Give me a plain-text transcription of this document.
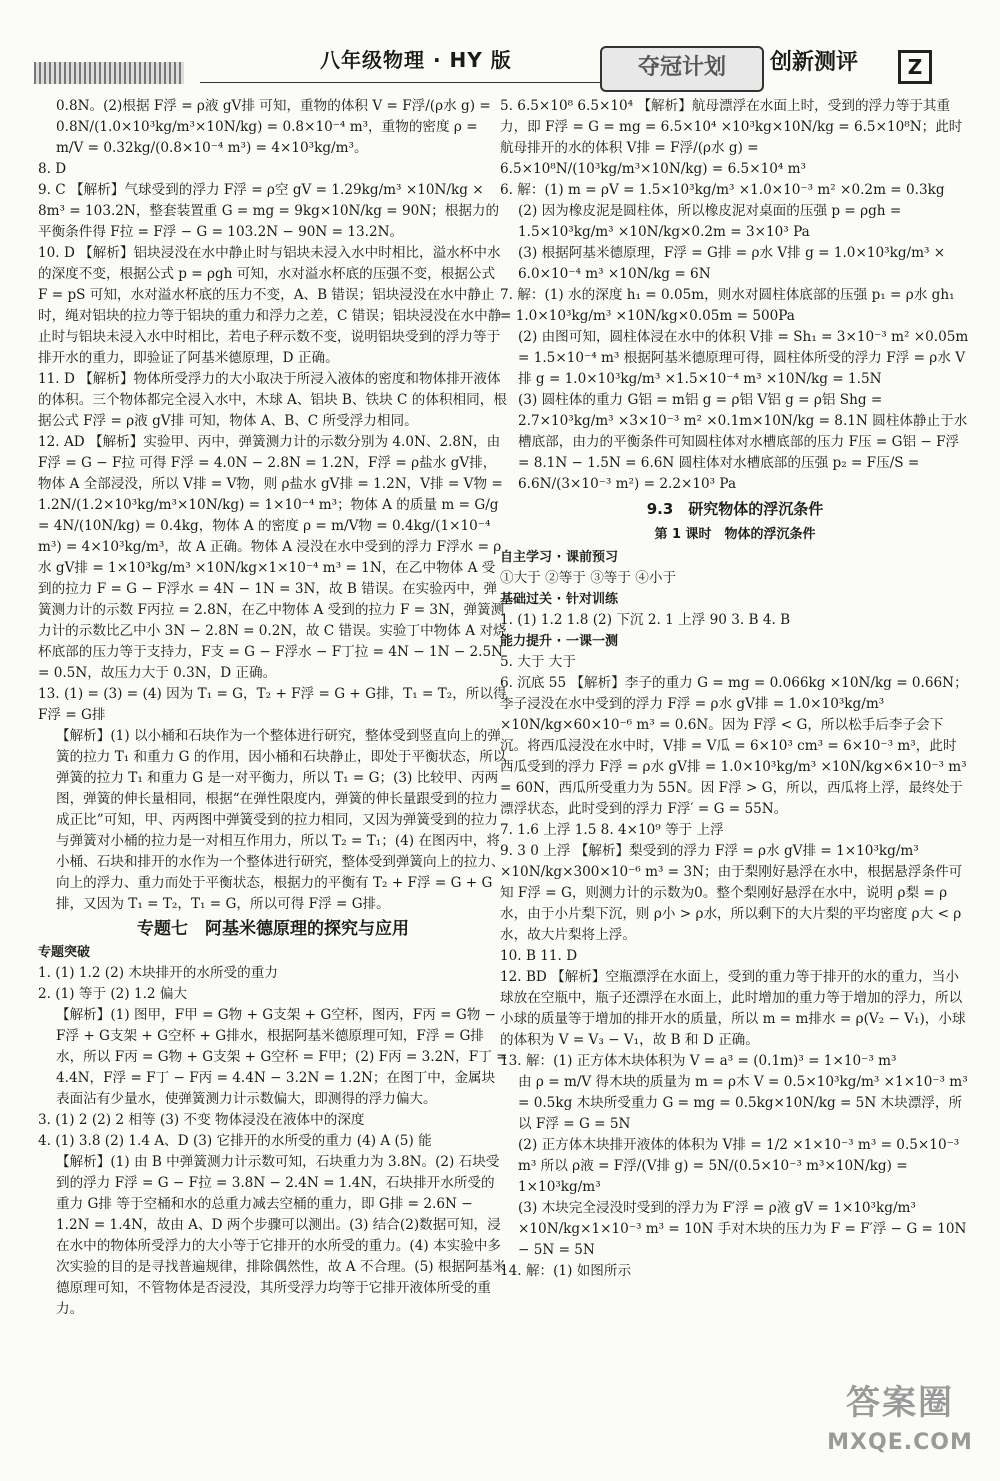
八年级物理 · HY 版	夺冠计划	创新测评	Z
0.8N。(2)根据 F浮 = ρ液 gV排 可知，重物的体积 V = F浮/(ρ水 g) = 0.8N/(1.0×10³kg/m³×10N/kg) = 0.8×10⁻⁴ m³，重物的密度 ρ = m/V = 0.32kg/(0.8×10⁻⁴ m³) = 4×10³kg/m³。
8. D
9. C 【解析】气球受到的浮力 F浮 = ρ空 gV = 1.29kg/m³ ×10N/kg × 8m³ = 103.2N，整套装置重 G = mg = 9kg×10N/kg = 90N；根据力的平衡条件得 F拉 = F浮 − G = 103.2N − 90N = 13.2N。
10. D 【解析】铝块浸没在水中静止时与铝块未浸入水中时相比，溢水杯中水的深度不变，根据公式 p = ρgh 可知，水对溢水杯底的压强不变，根据公式 F = pS 可知，水对溢水杯底的压力不变，A、B 错误；铝块浸没在水中静止时，绳对铝块的拉力等于铝块的重力和浮力之差，C 错误；铝块浸没在水中静止时与铝块未浸入水中时相比，若电子秤示数不变，说明铝块受到的浮力等于排开水的重力，即验证了阿基米德原理，D 正确。
11. D 【解析】物体所受浮力的大小取决于所浸入液体的密度和物体排开液体的体积。三个物体都完全浸入水中，木球 A、铝块 B、铁块 C 的体积相同，根据公式 F浮 = ρ液 gV排 可知，物体 A、B、C 所受浮力相同。
12. AD 【解析】实验甲、丙中，弹簧测力计的示数分别为 4.0N、2.8N，由 F浮 = G − F拉 可得 F浮 = 4.0N − 2.8N = 1.2N，F浮 = ρ盐水 gV排，物体 A 全部浸没，所以 V排 = V物，则 ρ盐水 gV排 = 1.2N，V排 = V物 = 1.2N/(1.2×10³kg/m³×10N/kg) = 1×10⁻⁴ m³；物体 A 的质量 m = G/g = 4N/(10N/kg) = 0.4kg，物体 A 的密度 ρ = m/V物 = 0.4kg/(1×10⁻⁴ m³) = 4×10³kg/m³，故 A 正确。物体 A 浸没在水中受到的浮力 F浮水 = ρ水 gV排 = 1×10³kg/m³ ×10N/kg×1×10⁻⁴ m³ = 1N，在乙中物体 A 受到的拉力 F = G − F浮水 = 4N − 1N = 3N，故 B 错误。在实验丙中，弹簧测力计的示数 F丙拉 = 2.8N，在乙中物体 A 受到的拉力 F = 3N，弹簧测力计的示数比乙中小 3N − 2.8N = 0.2N，故 C 错误。实验丁中物体 A 对烧杯底部的压力等于支持力，F支 = G − F浮水 − F丁拉 = 4N − 1N − 2.5N = 0.5N，故压力大于 0.3N，D 正确。
13. (1) = (3) = (4) 因为 T₁ = G，T₂ + F浮 = G + G排，T₁ = T₂，所以得 F浮 = G排
【解析】(1) 以小桶和石块作为一个整体进行研究，整体受到竖直向上的弹簧的拉力 T₁ 和重力 G 的作用，因小桶和石块静止，即处于平衡状态，所以弹簧的拉力 T₁ 和重力 G 是一对平衡力，所以 T₁ = G；(3) 比较甲、丙两图，弹簧的伸长量相同，根据“在弹性限度内，弹簧的伸长量跟受到的拉力成正比”可知，甲、丙两图中弹簧受到的拉力相同，又因为弹簧受到的拉力与弹簧对小桶的拉力是一对相互作用力，所以 T₂ = T₁；(4) 在图丙中，将小桶、石块和排开的水作为一个整体进行研究，整体受到弹簧向上的拉力、向上的浮力、重力而处于平衡状态，根据力的平衡有 T₂ + F浮 = G + G排，又因为 T₁ = T₂，T₁ = G，所以可得 F浮 = G排。
专题七　阿基米德原理的探究与应用
专题突破
1. (1) 1.2 (2) 木块排开的水所受的重力
2. (1) 等于 (2) 1.2 偏大
【解析】(1) 图甲，F甲 = G物 + G支架 + G空杯，图丙，F丙 = G物 − F浮 + G支架 + G空杯 + G排水，根据阿基米德原理可知，F浮 = G排水，所以 F丙 = G物 + G支架 + G空杯 = F甲；(2) F丙 = 3.2N，F丁 = 4.4N，F浮 = F丁 − F丙 = 4.4N − 3.2N = 1.2N；在图丁中，金属块表面沾有少量水，使弹簧测力计示数偏大，即测得的浮力偏大。
3. (1) 2 (2) 2 相等 (3) 不变 物体浸没在液体中的深度
4. (1) 3.8 (2) 1.4 A、D (3) 它排开的水所受的重力 (4) A (5) 能
【解析】(1) 由 B 中弹簧测力计示数可知，石块重力为 3.8N。(2) 石块受到的浮力 F浮 = G − F拉 = 3.8N − 2.4N = 1.4N，石块排开水所受的重力 G排 等于空桶和水的总重力减去空桶的重力，即 G排 = 2.6N − 1.2N = 1.4N，故由 A、D 两个步骤可以测出。(3) 结合(2)数据可知，浸在水中的物体所受浮力的大小等于它排开的水所受的重力。(4) 本实验中多次实验的目的是寻找普遍规律，排除偶然性，故 A 不合理。(5) 根据阿基米德原理可知，不管物体是否浸没，其所受浮力均等于它排开液体所受的重力。
5. 6.5×10⁸ 6.5×10⁴ 【解析】航母漂浮在水面上时，受到的浮力等于其重力，即 F浮 = G = mg = 6.5×10⁴ ×10³kg×10N/kg = 6.5×10⁸N；此时航母排开的水的体积 V排 = F浮/(ρ水 g) = 6.5×10⁸N/(10³kg/m³×10N/kg) = 6.5×10⁴ m³
6. 解：(1) m = ρV = 1.5×10³kg/m³ ×1.0×10⁻³ m² ×0.2m = 0.3kg
(2) 因为橡皮泥是圆柱体，所以橡皮泥对桌面的压强 p = ρgh = 1.5×10³kg/m³ ×10N/kg×0.2m = 3×10³ Pa
(3) 根据阿基米德原理，F浮 = G排 = ρ水 V排 g = 1.0×10³kg/m³ × 6.0×10⁻⁴ m³ ×10N/kg = 6N
7. 解：(1) 水的深度 h₁ = 0.05m，则水对圆柱体底部的压强 p₁ = ρ水 gh₁ = 1.0×10³kg/m³ ×10N/kg×0.05m = 500Pa
(2) 由图可知，圆柱体浸在水中的体积 V排 = Sh₁ = 3×10⁻³ m² ×0.05m = 1.5×10⁻⁴ m³ 根据阿基米德原理可得，圆柱体所受的浮力 F浮 = ρ水 V排 g = 1.0×10³kg/m³ ×1.5×10⁻⁴ m³ ×10N/kg = 1.5N
(3) 圆柱体的重力 G铝 = m铝 g = ρ铝 V铝 g = ρ铝 Shg = 2.7×10³kg/m³ ×3×10⁻³ m² ×0.1m×10N/kg = 8.1N 圆柱体静止于水槽底部，由力的平衡条件可知圆柱体对水槽底部的压力 F压 = G铝 − F浮 = 8.1N − 1.5N = 6.6N 圆柱体对水槽底部的压强 p₂ = F压/S = 6.6N/(3×10⁻³ m²) = 2.2×10³ Pa
9.3　研究物体的浮沉条件
第 1 课时　物体的浮沉条件
自主学习 · 课前预习
①大于 ②等于 ③等于 ④小于
基础过关 · 针对训练
1. (1) 1.2 1.8 (2) 下沉 2. 1 上浮 90 3. B 4. B
能力提升 · 一课一测
5. 大于 大于
6. 沉底 55 【解析】李子的重力 G = mg = 0.066kg ×10N/kg = 0.66N；李子浸没在水中受到的浮力 F浮 = ρ水 gV排 = 1.0×10³kg/m³ ×10N/kg×60×10⁻⁶ m³ = 0.6N。因为 F浮 < G，所以松手后李子会下沉。将西瓜浸没在水中时，V排 = V瓜 = 6×10³ cm³ = 6×10⁻³ m³，此时西瓜受到的浮力 F浮 = ρ水 gV排 = 1.0×10³kg/m³ ×10N/kg×6×10⁻³ m³ = 60N，西瓜所受重力为 55N。因 F浮 > G，所以，西瓜将上浮，最终处于漂浮状态，此时受到的浮力 F浮′ = G = 55N。
7. 1.6 上浮 1.5 8. 4×10⁹ 等于 上浮
9. 3 0 上浮 【解析】梨受到的浮力 F浮 = ρ水 gV排 = 1×10³kg/m³ ×10N/kg×300×10⁻⁶ m³ = 3N；由于梨刚好悬浮在水中，根据悬浮条件可知 F浮 = G，则测力计的示数为0。整个梨刚好悬浮在水中，说明 ρ梨 = ρ水，由于小片梨下沉，则 ρ小 > ρ水，所以剩下的大片梨的平均密度 ρ大 < ρ水，故大片梨将上浮。
10. B 11. D
12. BD 【解析】空瓶漂浮在水面上，受到的重力等于排开的水的重力，当小球放在空瓶中，瓶子还漂浮在水面上，此时增加的重力等于增加的浮力，所以小球的质量等于增加的排开水的质量，所以 m = m排水 = ρ(V₂ − V₁)，小球的体积为 V = V₃ − V₁，故 B 和 D 正确。
13. 解：(1) 正方体木块体积为 V = a³ = (0.1m)³ = 1×10⁻³ m³
由 ρ = m/V 得木块的质量为 m = ρ木 V = 0.5×10³kg/m³ ×1×10⁻³ m³ = 0.5kg 木块所受重力 G = mg = 0.5kg×10N/kg = 5N 木块漂浮，所以 F浮 = G = 5N
(2) 正方体木块排开液体的体积为 V排 = 1/2 ×1×10⁻³ m³ = 0.5×10⁻³ m³ 所以 ρ液 = F浮/(V排 g) = 5N/(0.5×10⁻³ m³×10N/kg) = 1×10³kg/m³
(3) 木块完全浸没时受到的浮力为 F′浮 = ρ液 gV = 1×10³kg/m³ ×10N/kg×1×10⁻³ m³ = 10N 手对木块的压力为 F = F′浮 − G = 10N − 5N = 5N
14. 解：(1) 如图所示
答案圈
MXQE.COM
